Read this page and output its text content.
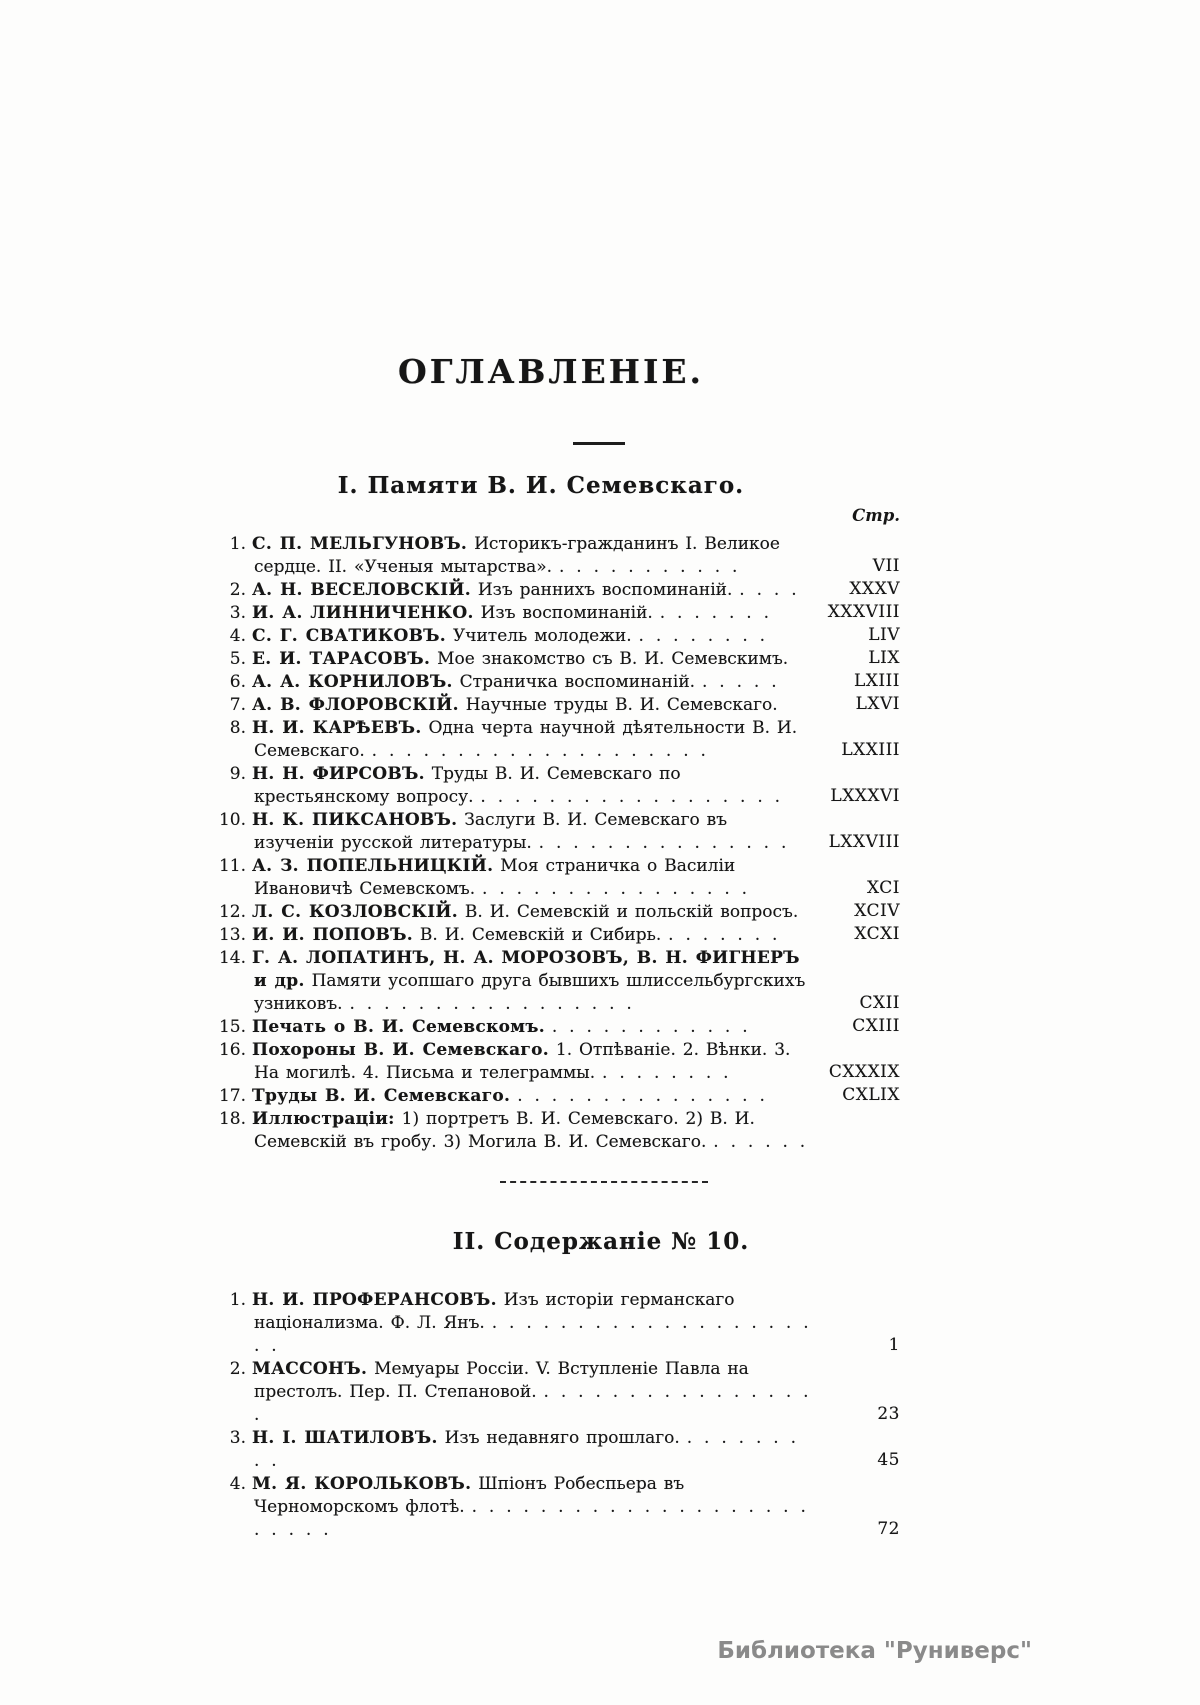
ОГЛАВЛЕНІЕ.
I. Памяти В. И. Семевскаго.
Стр.
1. С. П. МЕЛЬГУНОВЪ. Историкъ-гражданинъ I. Великое сердце. II. «Ученыя мытарства». . . . . . . . . . . .	VII
2. А. Н. ВЕСЕЛОВСКІЙ. Изъ раннихъ воспоминаній. . . . .	XXXV
3. И. А. ЛИННИЧЕНКО. Изъ воспоминаній. . . . . . . .	XXXVIII
4. С. Г. СВАТИКОВЪ. Учитель молодежи. . . . . . . . .	LIV
5. Е. И. ТАРАСОВЪ. Мое знакомство съ В. И. Семевскимъ.	LIX
6. А. А. КОРНИЛОВЪ. Страничка воспоминаній. . . . . .	LXIII
7. А. В. ФЛОРОВСКІЙ. Научные труды В. И. Семевскаго.	LXVI
8. Н. И. КАРѢЕВЪ. Одна черта научной дѣятельности В. И. Семевскаго. . . . . . . . . . . . . . . . . . . . .	LXXIII
9. Н. Н. ФИРСОВЪ. Труды В. И. Семевскаго по крестьянскому вопросу. . . . . . . . . . . . . . . . . . .	LXXXVI
10. Н. К. ПИКСАНОВЪ. Заслуги В. И. Семевскаго въ изученіи русской литературы. . . . . . . . . . . . . . . . LXXVIII
11. А. З. ПОПЕЛЬНИЦКІЙ. Моя страничка о Василіи Ивановичѣ Семевскомъ. . . . . . . . . . . . . . . . .	XCI
12. Л. С. КОЗЛОВСКІЙ. В. И. Семевскій и польскій вопросъ.	XCIV
13. И. И. ПОПОВЪ. В. И. Семевскій и Сибирь. . . . . . . .	XCXI
14. Г. А. ЛОПАТИНЪ, Н. А. МОРОЗОВЪ, В. Н. ФИГНЕРЪ и др. Памяти усопшаго друга бывшихъ шлиссельбургскихъ узниковъ. . . . . . . . . . . . . . . . . .	CXII
15. Печать о В. И. Семевскомъ. . . . . . . . . . . . .	CXIII
16. Похороны В. И. Семевскаго. 1. Отпѣваніе. 2. Вѣнки. 3. На могилѣ. 4. Письма и телеграммы. . . . . . . . .	CXXXIX
17. Труды В. И. Семевскаго. . . . . . . . . . . . . . . .	CXLIX
18. Иллюстраціи: 1) портретъ В. И. Семевскаго. 2) В. И. Семевскій въ гробу. 3) Могила В. И. Семевскаго. . . . . . .
II. Содержаніе № 10.
1. Н. И. ПРОФЕРАНСОВЪ. Изъ исторіи германскаго націонализма. Ф. Л. Янъ. . . . . . . . . . . . . . . . . . . . . .	1
2. МАССОНЪ. Мемуары Россіи. V. Вступленіе Павла на престолъ. Пер. П. Степановой. . . . . . . . . . . . . . . . . .	23
3. Н. І. ШАТИЛОВЪ. Изъ недавняго прошлаго. . . . . . . . . .	45
4. М. Я. КОРОЛЬКОВЪ. Шпіонъ Робеспьера въ Черноморскомъ флотѣ. . . . . . . . . . . . . . . . . . . . . . . . . .	72
Библиотека "Руниверс"
